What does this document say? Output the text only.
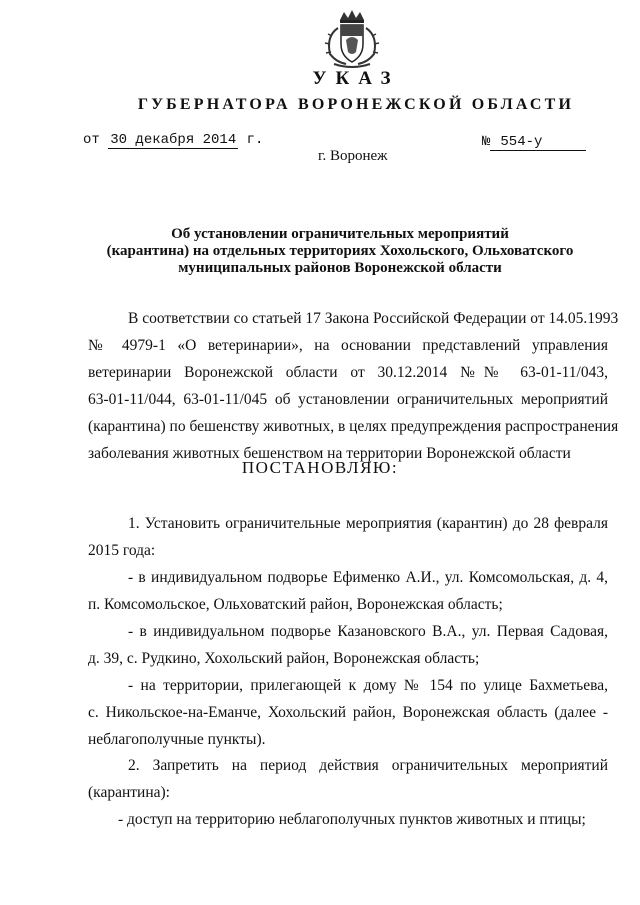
УКАЗ
ГУБЕРНАТОРА ВОРОНЕЖСКОЙ ОБЛАСТИ
от 30 декабря 2014 г.	№ 554-у
г. Воронеж
Об установлении ограничительных мероприятий
(карантина) на отдельных территориях Хохольского, Ольховатского
муниципальных районов Воронежской области
В соответствии со статьей 17 Закона Российской Федерации от 14.05.1993
№ 4979-1 «О ветеринарии», на основании представлений управления
ветеринарии Воронежской области от 30.12.2014 №№ 63-01-11/043,
63-01-11/044, 63-01-11/045 об установлении ограничительных мероприятий
(карантина) по бешенству животных, в целях предупреждения распространения
заболевания животных бешенством на территории Воронежской области
ПОСТАНОВЛЯЮ:
1. Установить ограничительные мероприятия (карантин) до 28 февраля
2015 года:
- в индивидуальном подворье Ефименко А.И., ул. Комсомольская, д. 4,
п. Комсомольское, Ольховатский район, Воронежская область;
- в индивидуальном подворье Казановского В.А., ул. Первая Садовая,
д. 39, с. Рудкино, Хохольский район, Воронежская область;
- на территории, прилегающей к дому № 154 по улице Бахметьева,
с. Никольское-на-Еманче, Хохольский район, Воронежская область (далее -
неблагополучные пункты).
2. Запретить на период действия ограничительных мероприятий
(карантина):
- доступ на территорию неблагополучных пунктов животных и птицы;
